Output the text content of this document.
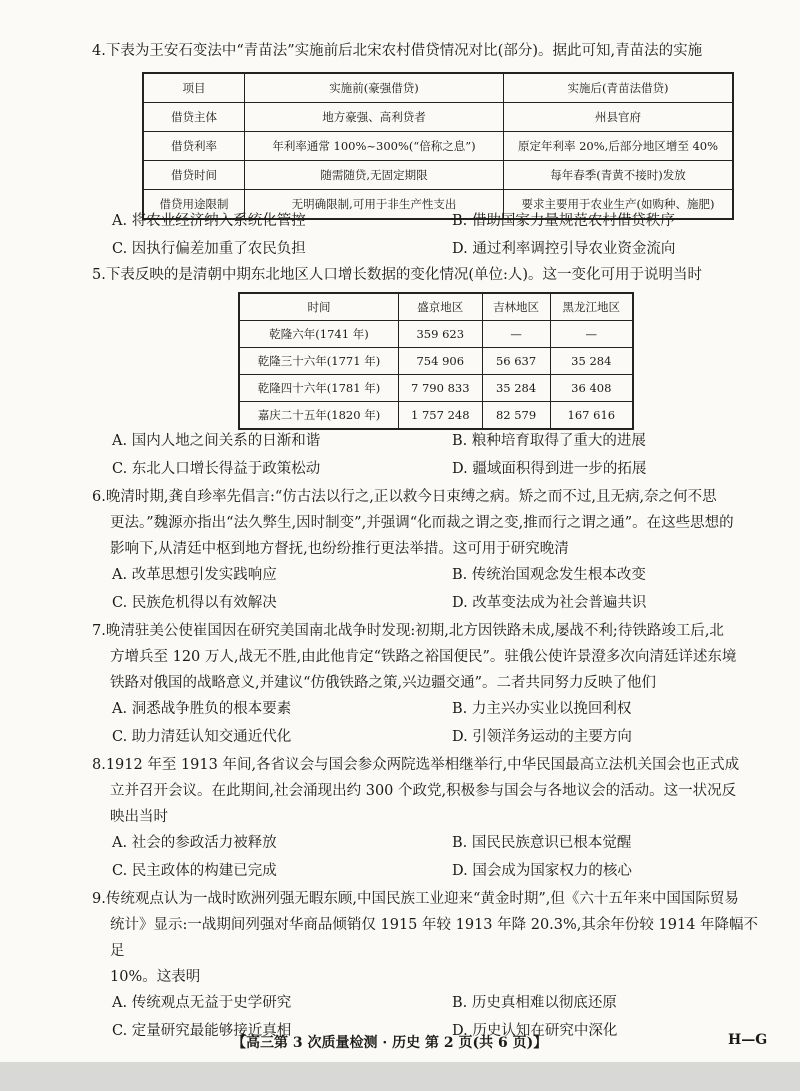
4.下表为王安石变法中“青苗法”实施前后北宋农村借贷情况对比(部分)。据此可知,青苗法的实施
项目	实施前(豪强借贷)	实施后(青苗法借贷)
借贷主体	地方豪强、高利贷者	州县官府
借贷利率	年利率通常 100%~300%(“倍称之息”)	原定年利率 20%,后部分地区增至 40%
借贷时间	随需随贷,无固定期限	每年春季(青黄不接时)发放
借贷用途限制	无明确限制,可用于非生产性支出	要求主要用于农业生产(如购种、施肥)
A. 将农业经济纳入系统化管控	B. 借助国家力量规范农村借贷秩序
C. 因执行偏差加重了农民负担	D. 通过利率调控引导农业资金流向
5.下表反映的是清朝中期东北地区人口增长数据的变化情况(单位:人)。这一变化可用于说明当时
时间	盛京地区	吉林地区	黑龙江地区
乾隆六年(1741 年)	359 623	—	—
乾隆三十六年(1771 年)	754 906	56 637	35 284
乾隆四十六年(1781 年)	7 790 833	35 284	36 408
嘉庆二十五年(1820 年)	1 757 248	82 579	167 616
A. 国内人地之间关系的日渐和谐	B. 粮种培育取得了重大的进展
C. 东北人口增长得益于政策松动	D. 疆域面积得到进一步的拓展
6.晚清时期,龚自珍率先倡言:“仿古法以行之,正以救今日束缚之病。矫之而不过,且无病,奈之何不思
更法。”魏源亦指出“法久弊生,因时制变”,并强调“化而裁之谓之变,推而行之谓之通”。在这些思想的
影响下,从清廷中枢到地方督抚,也纷纷推行更法举措。这可用于研究晚清
A. 改革思想引发实践响应	B. 传统治国观念发生根本改变
C. 民族危机得以有效解决	D. 改革变法成为社会普遍共识
7.晚清驻美公使崔国因在研究美国南北战争时发现:初期,北方因铁路未成,屡战不利;待铁路竣工后,北
方增兵至 120 万人,战无不胜,由此他肯定“铁路之裕国便民”。驻俄公使许景澄多次向清廷详述东境
铁路对俄国的战略意义,并建议“仿俄铁路之策,兴边疆交通”。二者共同努力反映了他们
A. 洞悉战争胜负的根本要素	B. 力主兴办实业以挽回利权
C. 助力清廷认知交通近代化	D. 引领洋务运动的主要方向
8.1912 年至 1913 年间,各省议会与国会参众两院选举相继举行,中华民国最高立法机关国会也正式成
立并召开会议。在此期间,社会涌现出约 300 个政党,积极参与国会与各地议会的活动。这一状况反
映出当时
A. 社会的参政活力被释放	B. 国民民族意识已根本觉醒
C. 民主政体的构建已完成	D. 国会成为国家权力的核心
9.传统观点认为一战时欧洲列强无暇东顾,中国民族工业迎来“黄金时期”,但《六十五年来中国国际贸易
统计》显示:一战期间列强对华商品倾销仅 1915 年较 1913 年降 20.3%,其余年份较 1914 年降幅不足
10%。这表明
A. 传统观点无益于史学研究	B. 历史真相难以彻底还原
C. 定量研究最能够接近真相	D. 历史认知在研究中深化
【高三第 3 次质量检测 · 历史 第 2 页(共 6 页)】	H—G
